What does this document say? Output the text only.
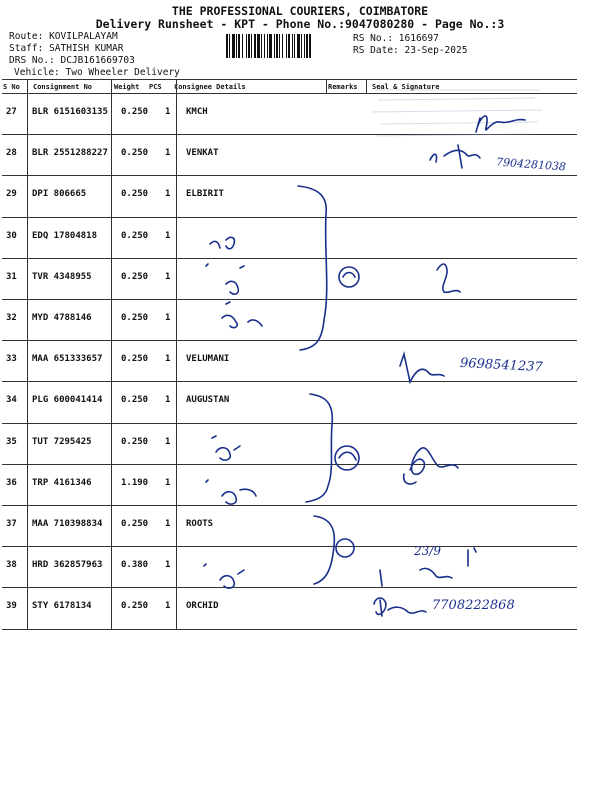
THE PROFESSIONAL COURIERS, COIMBATORE
Delivery Runsheet - KPT - Phone No.:9047080280 - Page No.:3
Route: KOVILPALAYAM
Staff: SATHISH KUMAR
DRS No.: DCJB161669703
Vehicle: Two Wheeler Delivery
RS No.: 1616697
RS Date: 23-Sep-2025
S No Consignment No	Weight PCS Consignee Details	Remarks Seal & Signature
27 BLR 6151603135 0.250 1 KMCH
28 BLR 2551288227 0.250 1 VENKAT
29 DPI 806665	0.250 1 ELBIRIT
30 EDQ 17804818	0.250 1
31 TVR 4348955	0.250 1
32 MYD 4788146	0.250 1
33 MAA 651333657 0.250 1 VELUMANI
34 PLG 600041414 0.250 1 AUGUSTAN
35 TUT 7295425	0.250 1
36 TRP 4161346	1.190 1
37 MAA 710398834 0.250 1 ROOTS
38 HRD 362857963 0.380 1
39 STY 6178134	0.250 1 ORCHID
7904281038
9698541237
23/9
7708222868
